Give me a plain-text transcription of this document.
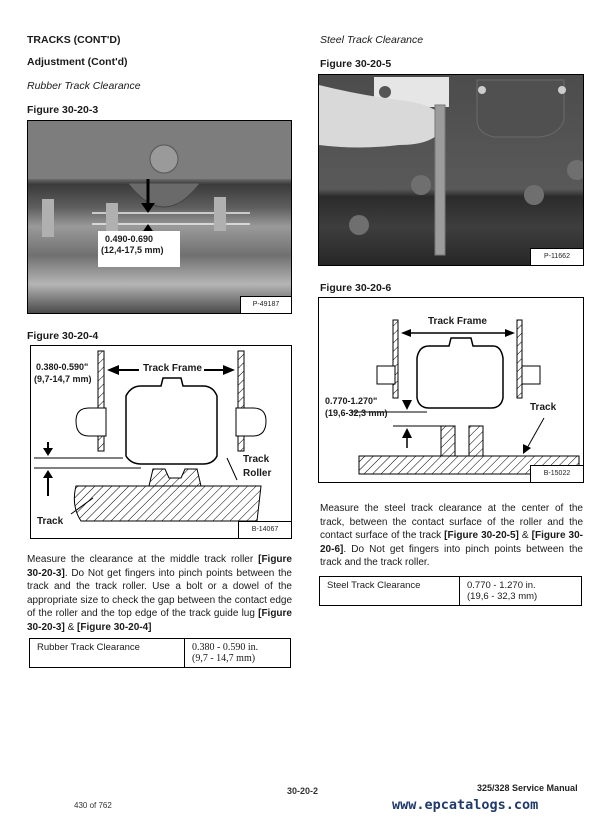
TRACKS (CONT'D)
Adjustment (Cont'd)
Rubber Track Clearance
Figure 30-20-3
0.490-0.690
(12,4-17,5 mm)
P-49187
Figure 30-20-4
0.380-0.590"
(9,7-14,7 mm)
Track Frame
Track
Roller
Track
B-14067
Measure the clearance at the middle track roller [Figure 30-20-3]. Do Not get fingers into pinch points between the track and the track roller. Use a bolt or a dowel of the appropriate size to check the gap between the contact edge of the roller and the top edge of the track guide lug [Figure 30-20-3] & [Figure 30-20-4]
Rubber Track Clearance	0.380 - 0.590 in.
(9,7 - 14,7 mm)
Steel Track Clearance
Figure 30-20-5
P-11662
Figure 30-20-6
Track Frame
0.770-1.270"
(19,6-32,3 mm)	Track
B-15022
Measure the steel track clearance at the center of the track, between the contact surface of the roller and the contact surface of the track [Figure 30-20-5] & [Figure 30-20-6]. Do Not get fingers into pinch points between the track and the track roller.
Steel Track Clearance	0.770 - 1.270 in.
(19,6 - 32,3 mm)
430 of 762
30-20-2	325/328 Service Manual
www.epcatalogs.com
